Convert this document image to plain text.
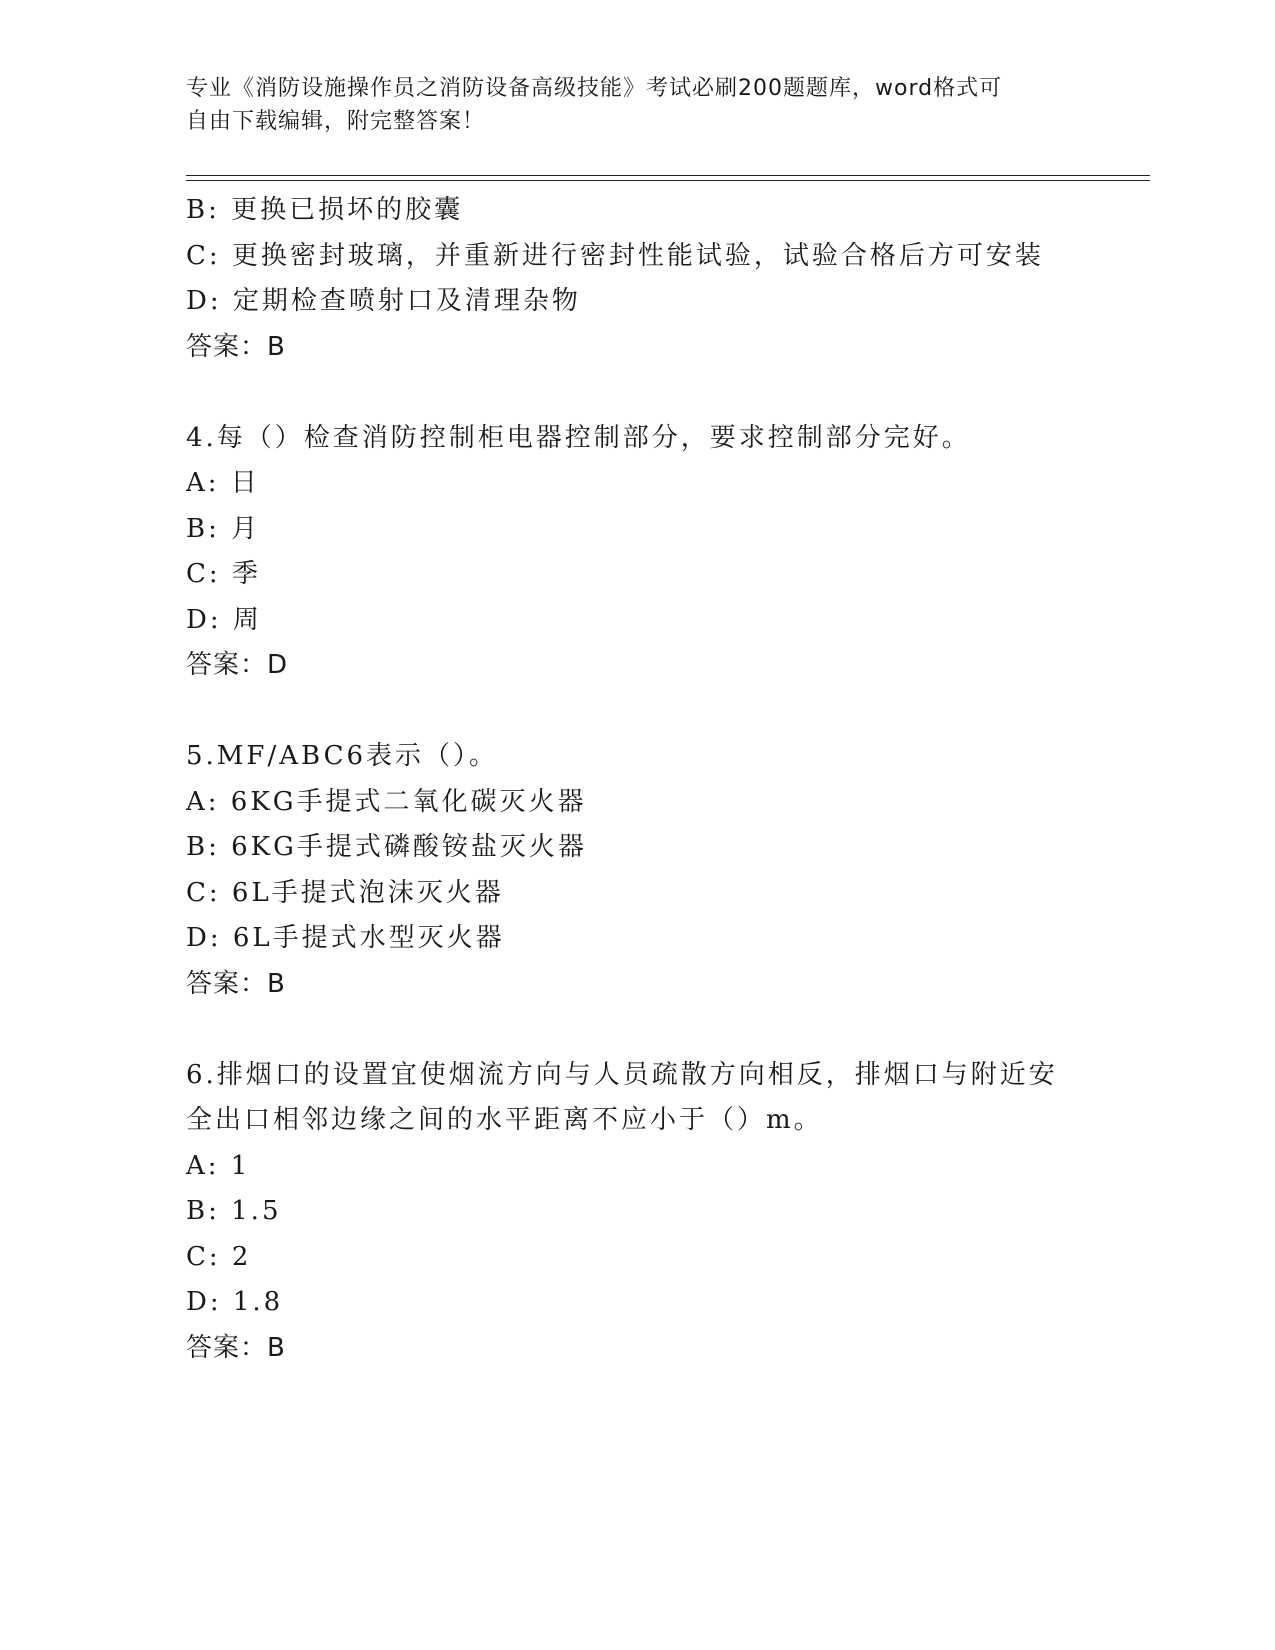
专业《消防设施操作员之消防设备高级技能》考试必刷200题题库，word格式可
自由下载编辑，附完整答案！
B: 更换已损坏的胶囊
C: 更换密封玻璃，并重新进行密封性能试验，试验合格后方可安装
D: 定期检查喷射口及清理杂物
答案：B
4.每（）检查消防控制柜电器控制部分，要求控制部分完好。
A: 日
B: 月
C: 季
D: 周
答案：D
5.MF/ABC6表示（）。
A: 6KG手提式二氧化碳灭火器
B: 6KG手提式磷酸铵盐灭火器
C: 6L手提式泡沫灭火器
D: 6L手提式水型灭火器
答案：B
6.排烟口的设置宜使烟流方向与人员疏散方向相反，排烟口与附近安
全出口相邻边缘之间的水平距离不应小于（）m。
A: 1
B: 1.5
C: 2
D: 1.8
答案：B
